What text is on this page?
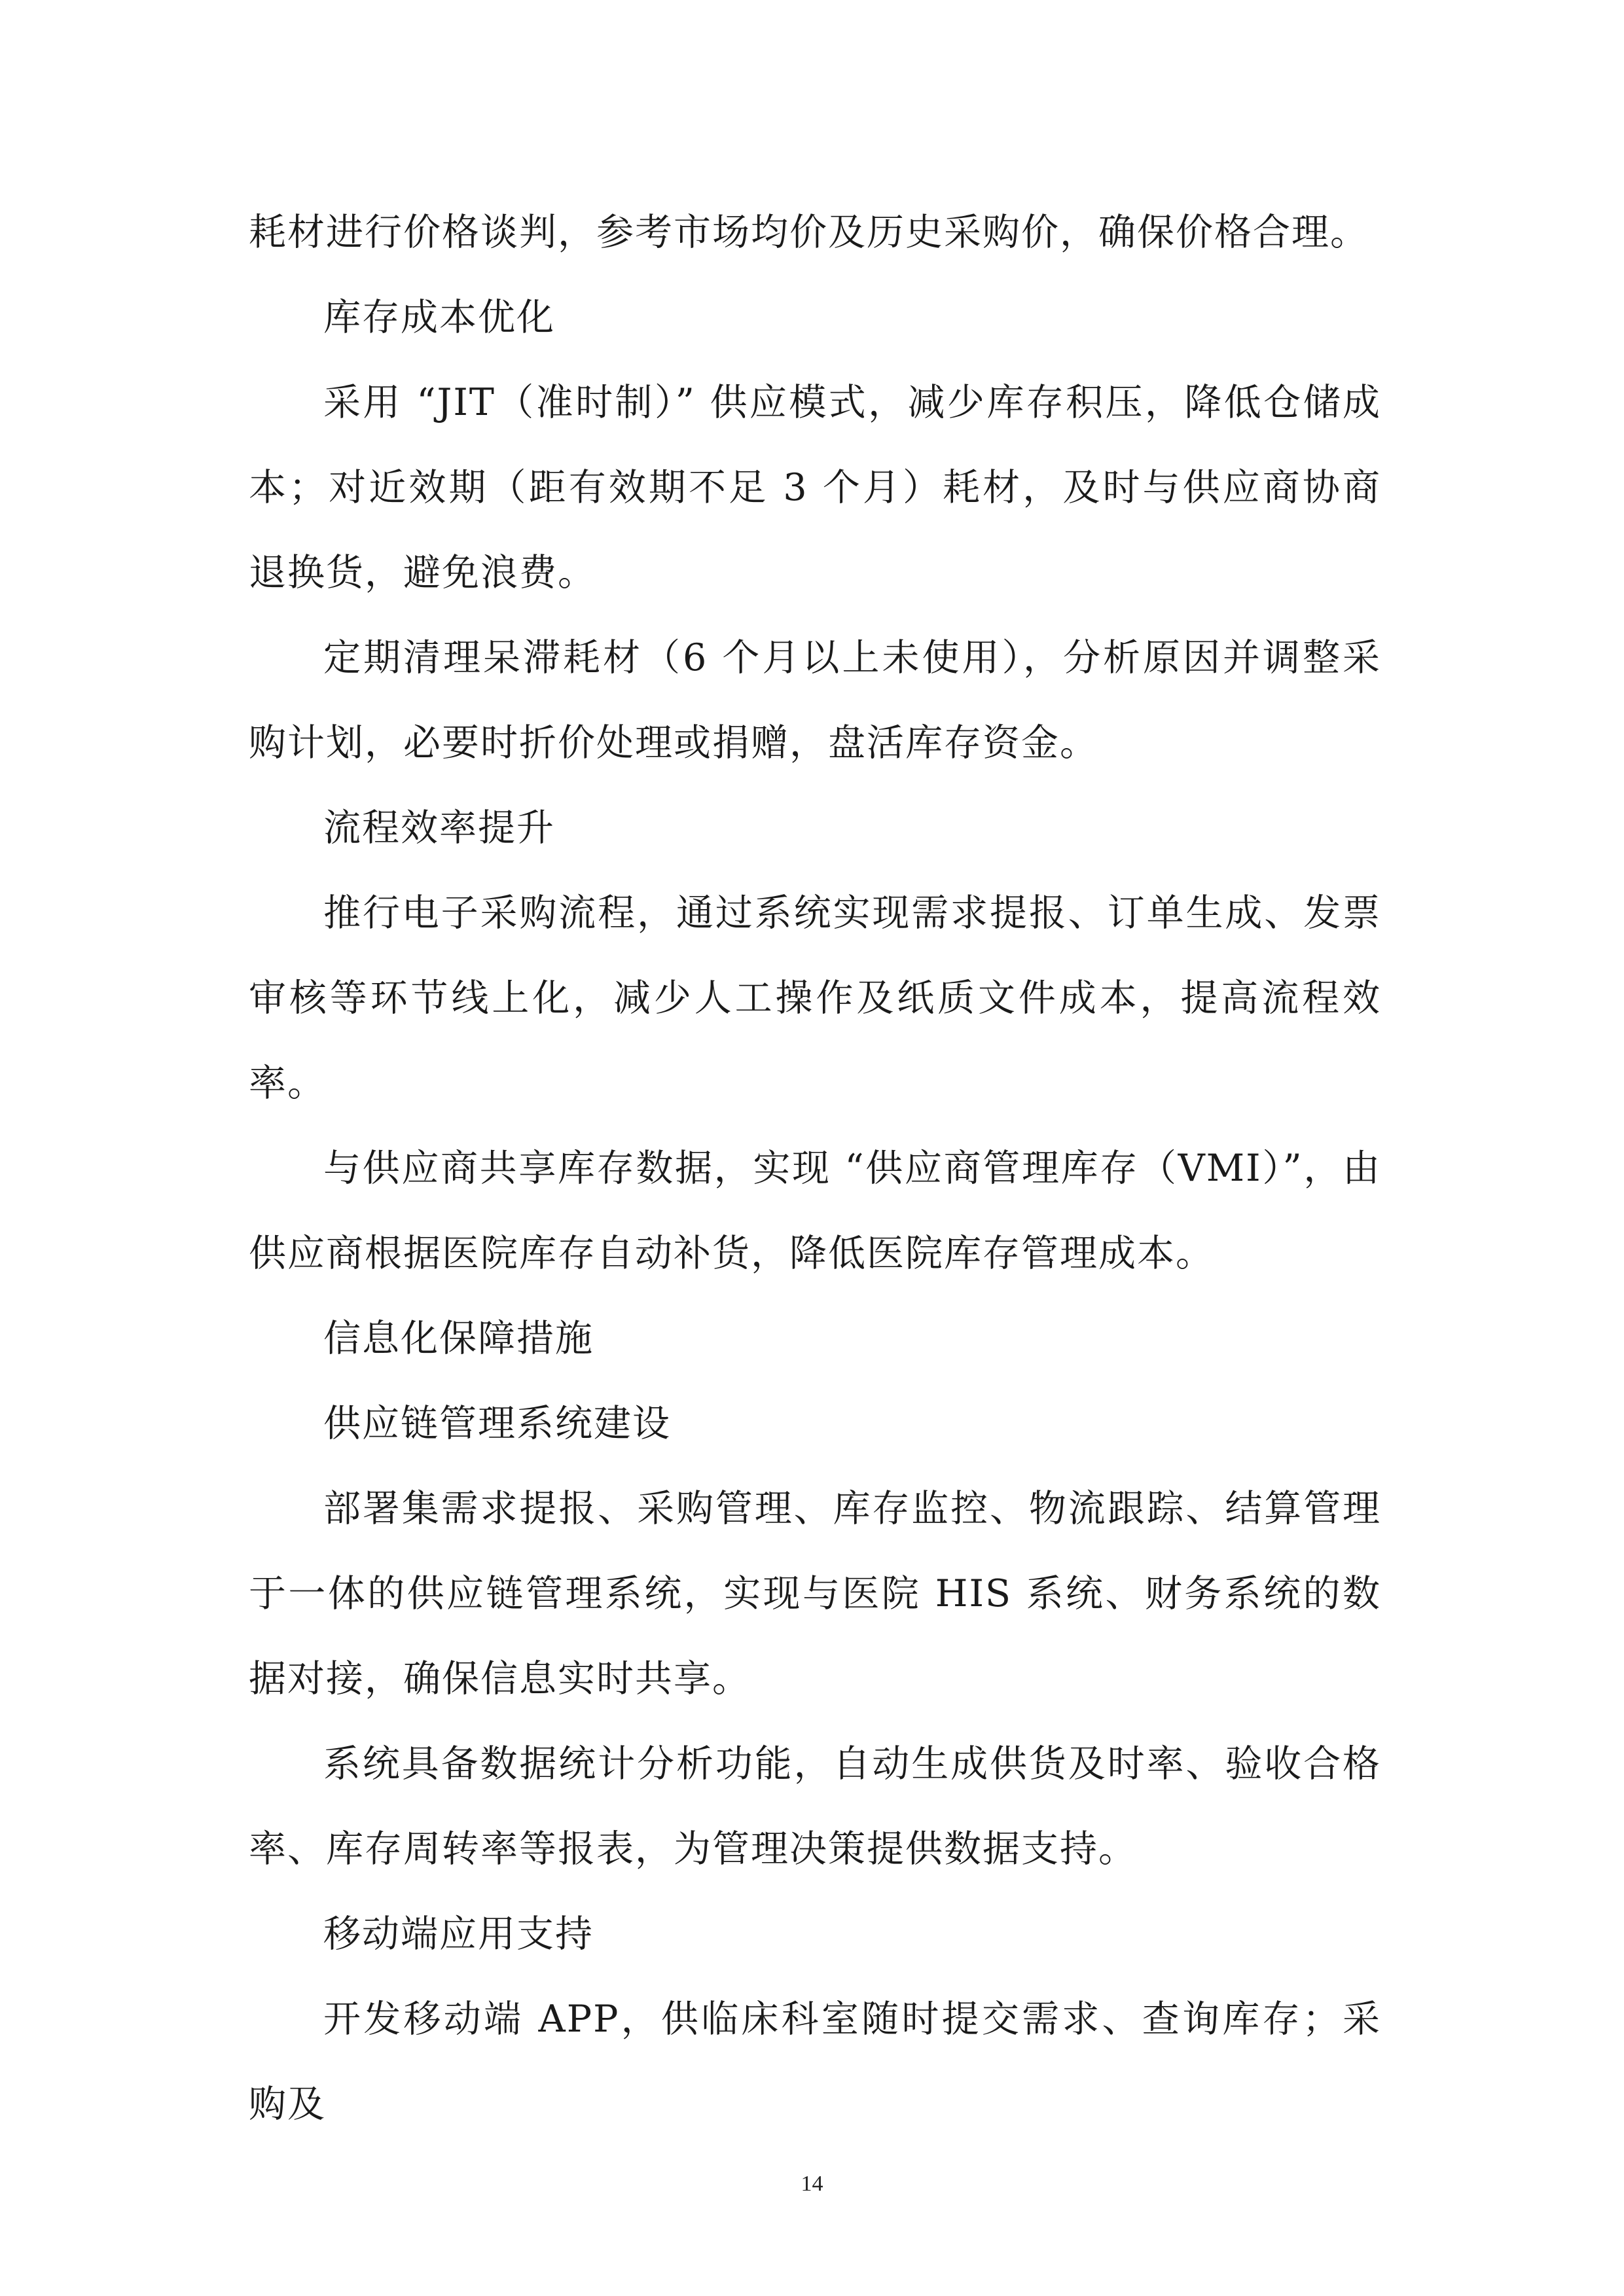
耗材进行价格谈判，参考市场均价及历史采购价，确保价格合理。

库存成本优化

采用 “JIT（准时制）” 供应模式，减少库存积压，降低仓储成本；对近效期（距有效期不足 3 个月）耗材，及时与供应商协商退换货，避免浪费。

定期清理呆滞耗材（6 个月以上未使用），分析原因并调整采购计划，必要时折价处理或捐赠，盘活库存资金。

流程效率提升

推行电子采购流程，通过系统实现需求提报、订单生成、发票审核等环节线上化，减少人工操作及纸质文件成本，提高流程效率。

与供应商共享库存数据，实现 “供应商管理库存（VMI）”，由供应商根据医院库存自动补货，降低医院库存管理成本。

信息化保障措施

供应链管理系统建设

部署集需求提报、采购管理、库存监控、物流跟踪、结算管理于一体的供应链管理系统，实现与医院 HIS 系统、财务系统的数据对接，确保信息实时共享。

系统具备数据统计分析功能，自动生成供货及时率、验收合格率、库存周转率等报表，为管理决策提供数据支持。

移动端应用支持

开发移动端 APP，供临床科室随时提交需求、查询库存；采购及

14
